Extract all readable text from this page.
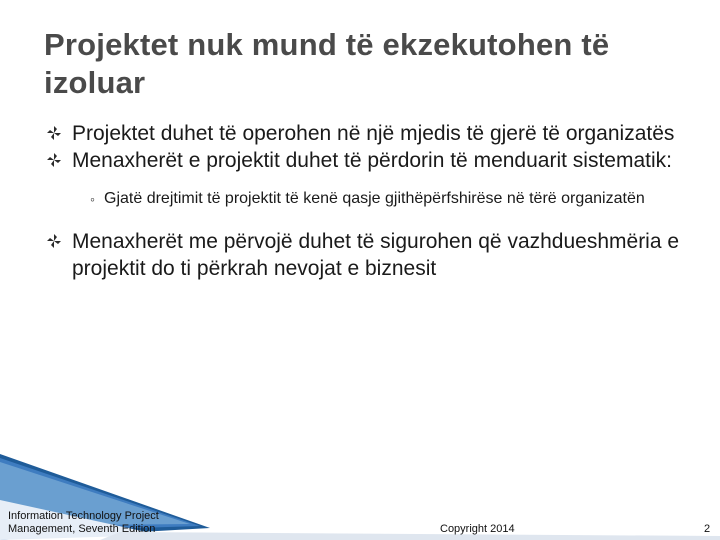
Projektet nuk mund të ekzekutohen të izoluar
Projektet duhet të operohen në një mjedis të gjerë të organizatës
Menaxherët e projektit duhet të përdorin të menduarit sistematik:
◦ Gjatë drejtimit të projektit të kenë qasje gjithëpërfshirëse në tërë organizatën
Menaxherët me përvojë duhet të sigurohen që vazhdueshmëria e projektit do ti përkrah nevojat e biznesit
Information Technology Project Management, Seventh Edition	Copyright 2014	2
